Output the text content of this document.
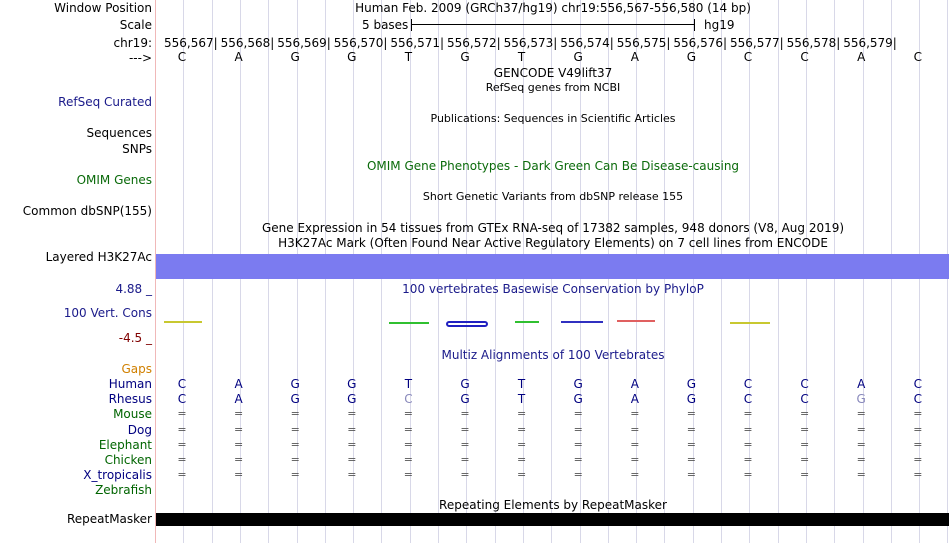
Window Position	Human Feb. 2009 (GRCh37/hg19) chr19:556,567-556,580 (14 bp)
Scale	5 bases	hg19
chr19: 556,567| 556,568| 556,569| 556,570| 556,571| 556,572| 556,573| 556,574| 556,575| 556,576| 556,577| 556,578| 556,579|
--->	C	A	G	G	T	G	T	G	A	G	C	C	A	C
GENCODE V49lift37
RefSeq genes from NCBI
RefSeq Curated
Publications: Sequences in Scientific Articles
Sequences
SNPs
OMIM Gene Phenotypes - Dark Green Can Be Disease-causing
OMIM Genes
Short Genetic Variants from dbSNP release 155
Common dbSNP(155)
Gene Expression in 54 tissues from GTEx RNA-seq of 17382 samples, 948 donors (V8, Aug 2019)
H3K27Ac Mark (Often Found Near Active Regulatory Elements) on 7 cell lines from ENCODE
Layered H3K27Ac
100 vertebrates Basewise Conservation by PhyloP
4.88 _
100 Vert. Cons
-4.5 _
Multiz Alignments of 100 Vertebrates
Gaps
Human	C	A	G	G	T	G	T	G	A	G	C	C	A	C
Rhesus	C	A	G	G	C	G	T	G	A	G	C	C	G	C
Mouse	=	=	=	=	=	=	=	=	=	=	=	=	=	=
Dog	=	=	=	=	=	=	=	=	=	=	=	=	=	=
Elephant	=	=	=	=	=	=	=	=	=	=	=	=	=	=
Chicken	=	=	=	=	=	=	=	=	=	=	=	=	=	=
X_tropicalis	=	=	=	=	=	=	=	=	=	=	=	=	=	=
Zebrafish
Repeating Elements by RepeatMasker
RepeatMasker
